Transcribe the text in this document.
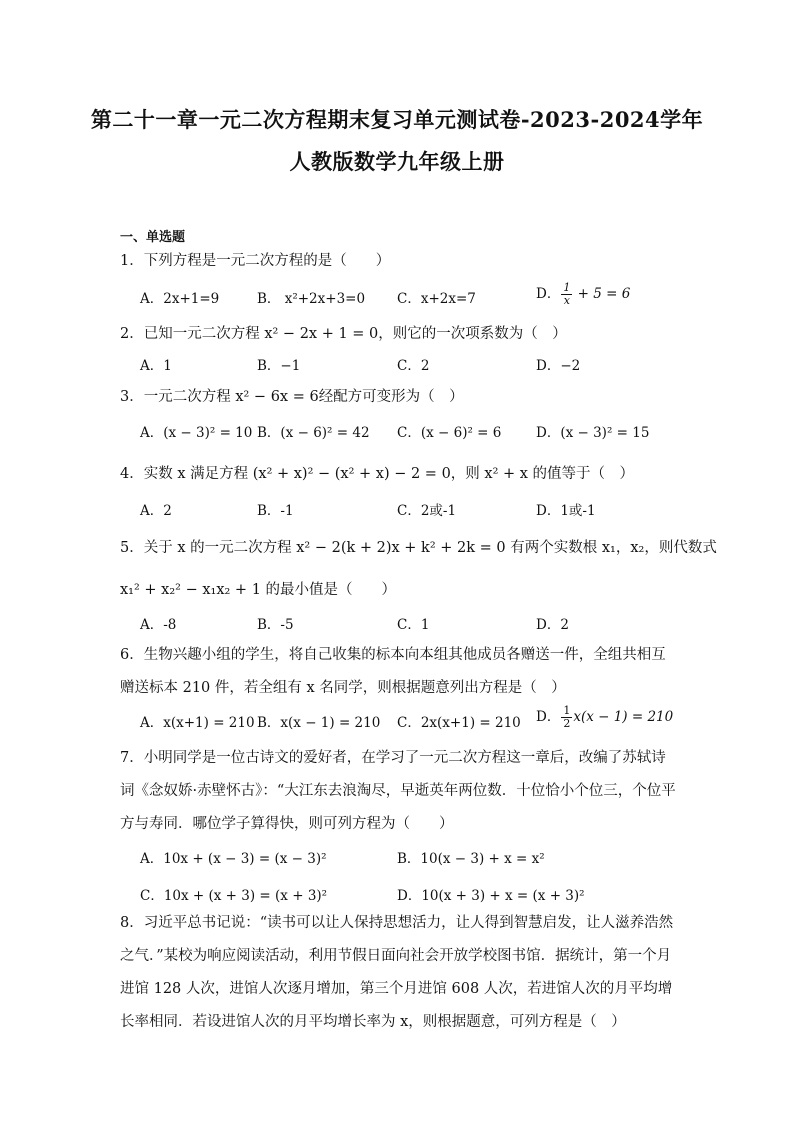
第二十一章一元二次方程期末复习单元测试卷-2023-2024学年
人教版数学九年级上册
一、单选题
1．下列方程是一元二次方程的是（　　）
A．2x+1=9	B． x²+2x+3=0 C．x+2x=7	D． $\frac{1}{x} + 5 = 6$
2．已知一元二次方程 x² − 2x + 1 = 0，则它的一次项系数为（　）
A．1	B．−1	C．2	D．−2
3．一元二次方程 x² − 6x = 6经配方可变形为（　）
A．(x − 3)² = 10 B．(x − 6)² = 42 C．(x − 6)² = 6	D．(x − 3)² = 15
4．实数 x 满足方程 (x² + x)² − (x² + x) − 2 = 0，则 x² + x 的值等于（　）
A．2	B．-1	C．2或-1	D．1或-1
5．关于 x 的一元二次方程 x² − 2(k + 2)x + k² + 2k = 0 有两个实数根 x₁，x₂，则代数式
x₁² + x₂² − x₁x₂ + 1 的最小值是（　　）
A．-8	B．-5	C．1	D．2
6．生物兴趣小组的学生，将自己收集的标本向本组其他成员各赠送一件，全组共相互赠送标本 210 件，若全组有 x 名同学，则根据题意列出方程是（　）
A．x(x+1) = 210 B．x(x − 1) = 210 C．2x(x+1) = 210 D． $\frac{1}{2} x(x - 1) = 210$
7．小明同学是一位古诗文的爱好者，在学习了一元二次方程这一章后，改编了苏轼诗词《念奴娇·赤壁怀古》：“大江东去浪淘尽，早逝英年两位数．十位恰小个位三，个位平方与寿同．哪位学子算得快，则可列方程为（　　）
A．10x + (x − 3) = (x − 3)²	B．10(x − 3) + x = x²
C．10x + (x + 3) = (x + 3)²	D．10(x + 3) + x = (x + 3)²
8．习近平总书记说：“读书可以让人保持思想活力，让人得到智慧启发，让人滋养浩然之气．”某校为响应阅读活动，利用节假日面向社会开放学校图书馆．据统计，第一个月进馆 128 人次，进馆人次逐月增加，第三个月进馆 608 人次，若进馆人次的月平均增长率相同．若设进馆人次的月平均增长率为 x，则根据题意，可列方程是（　）
